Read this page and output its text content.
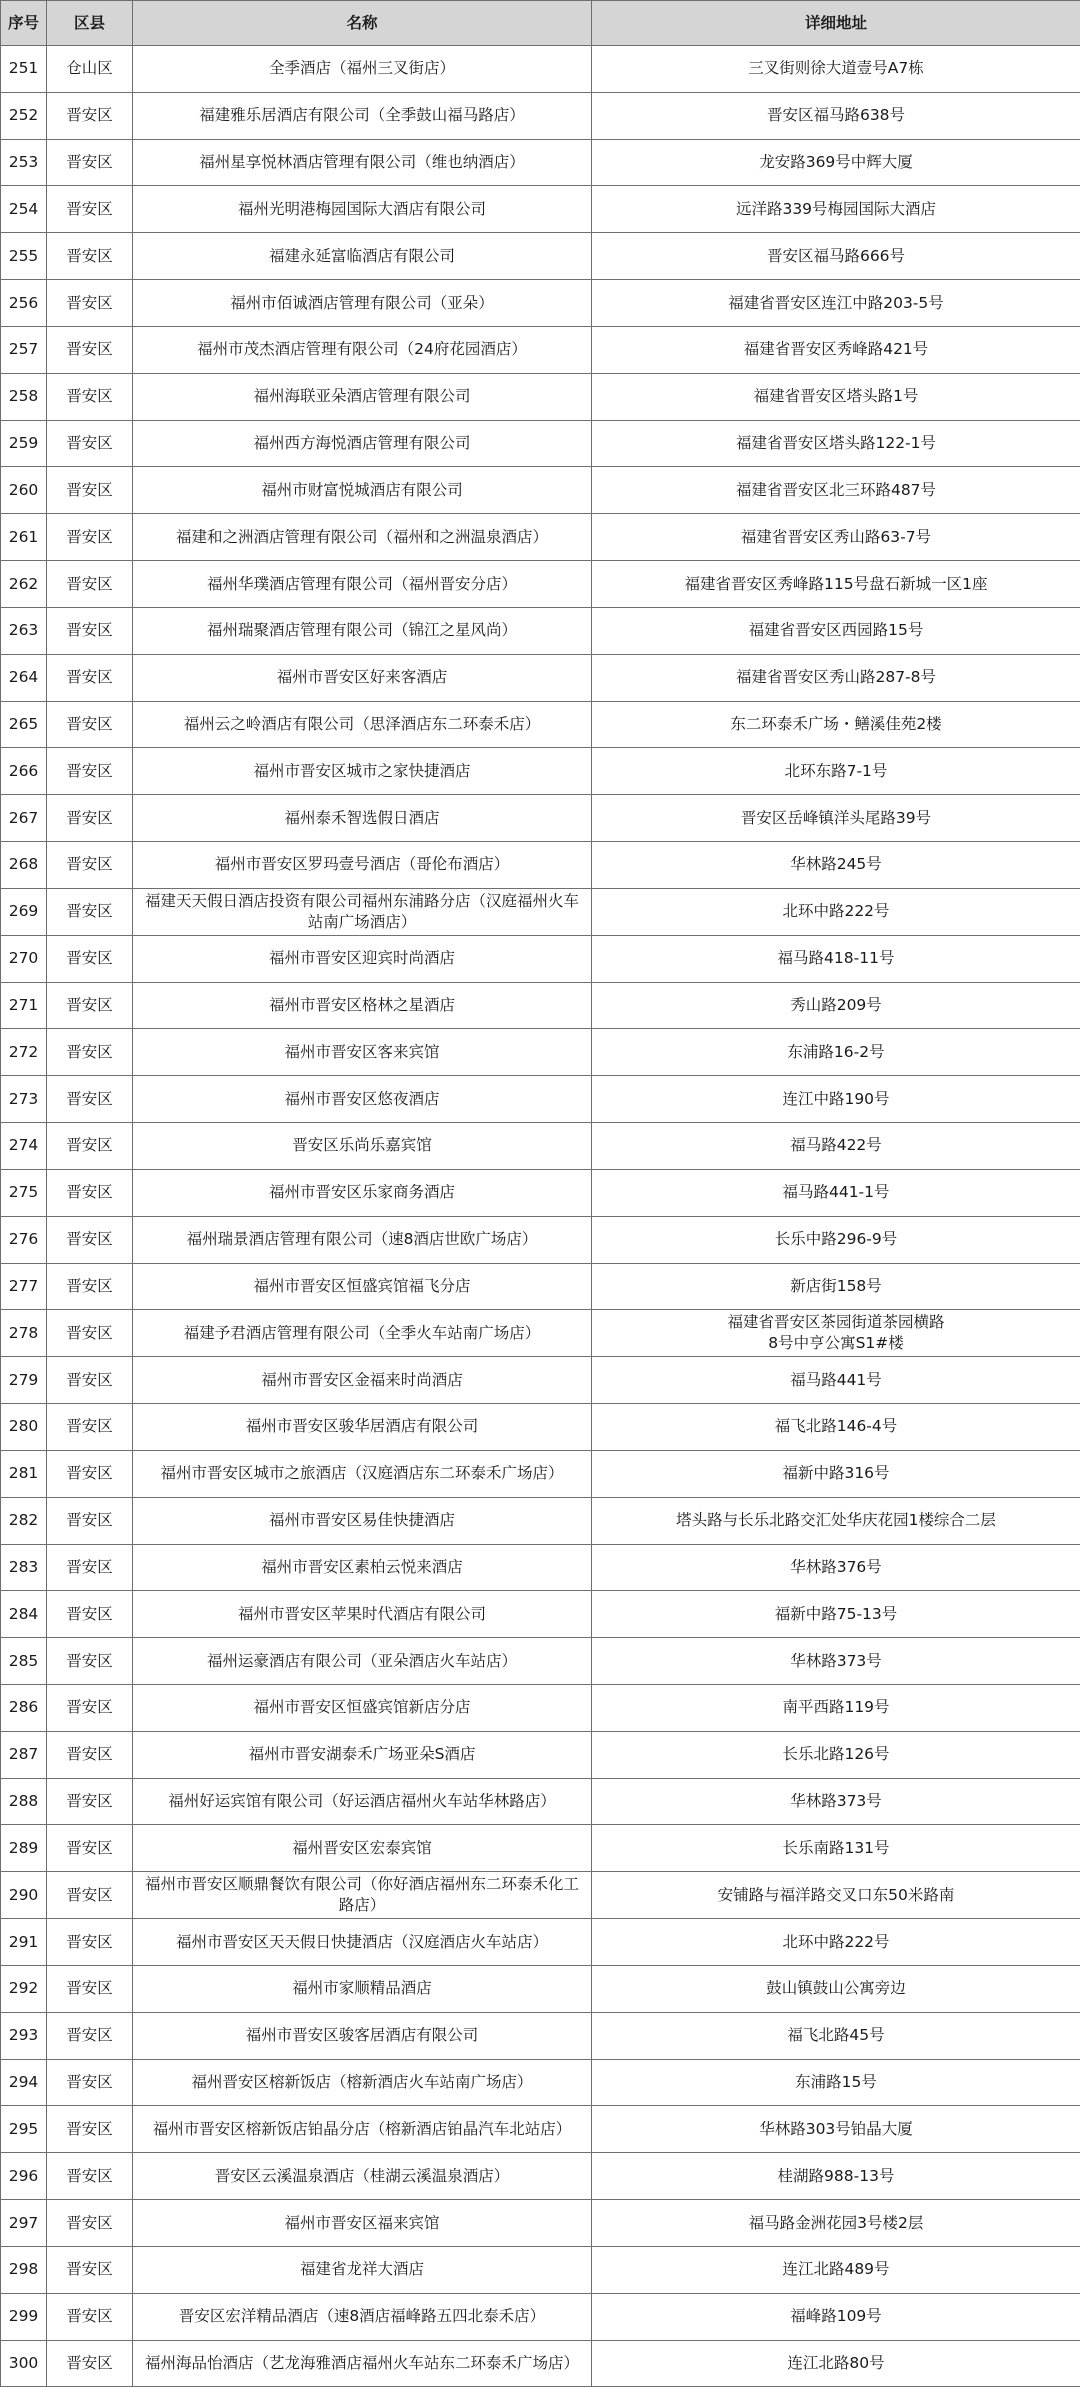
序号	区县	名称	详细地址
251	仓山区	全季酒店（福州三叉街店）	三叉街则徐大道壹号A7栋
252	晋安区	福建雅乐居酒店有限公司（全季鼓山福马路店）	晋安区福马路638号
253	晋安区	福州星享悦林酒店管理有限公司（维也纳酒店）	龙安路369号中辉大厦
254	晋安区	福州光明港梅园国际大酒店有限公司	远洋路339号梅园国际大酒店
255	晋安区	福建永延富临酒店有限公司	晋安区福马路666号
256	晋安区	福州市佰诚酒店管理有限公司（亚朵）	福建省晋安区连江中路203-5号
257	晋安区	福州市茂杰酒店管理有限公司（24府花园酒店）	福建省晋安区秀峰路421号
258	晋安区	福州海联亚朵酒店管理有限公司	福建省晋安区塔头路1号
259	晋安区	福州西方海悦酒店管理有限公司	福建省晋安区塔头路122-1号
260	晋安区	福州市财富悦城酒店有限公司	福建省晋安区北三环路487号
261	晋安区	福建和之洲酒店管理有限公司（福州和之洲温泉酒店）	福建省晋安区秀山路63-7号
262	晋安区	福州华璞酒店管理有限公司（福州晋安分店）	福建省晋安区秀峰路115号盘石新城一区1座
263	晋安区	福州瑞聚酒店管理有限公司（锦江之星风尚）	福建省晋安区西园路15号
264	晋安区	福州市晋安区好来客酒店	福建省晋安区秀山路287-8号
265	晋安区	福州云之岭酒店有限公司（思泽酒店东二环泰禾店）	东二环泰禾广场・鳝溪佳苑2楼
266	晋安区	福州市晋安区城市之家快捷酒店	北环东路7-1号
267	晋安区	福州泰禾智选假日酒店	晋安区岳峰镇洋头尾路39号
268	晋安区	福州市晋安区罗玛壹号酒店（哥伦布酒店）	华林路245号
269	晋安区	福建天天假日酒店投资有限公司福州东浦路分店（汉庭福州火车站南广场酒店）	北环中路222号
270	晋安区	福州市晋安区迎宾时尚酒店	福马路418-11号
271	晋安区	福州市晋安区格林之星酒店	秀山路209号
272	晋安区	福州市晋安区客来宾馆	东浦路16-2号
273	晋安区	福州市晋安区悠夜酒店	连江中路190号
274	晋安区	晋安区乐尚乐嘉宾馆	福马路422号
275	晋安区	福州市晋安区乐家商务酒店	福马路441-1号
276	晋安区	福州瑞景酒店管理有限公司（速8酒店世欧广场店）	长乐中路296-9号
277	晋安区	福州市晋安区恒盛宾馆福飞分店	新店街158号
278	晋安区	福建予君酒店管理有限公司（全季火车站南广场店）	福建省晋安区茶园街道茶园横路
8号中亨公寓S1#楼
279	晋安区	福州市晋安区金福来时尚酒店	福马路441号
280	晋安区	福州市晋安区骏华居酒店有限公司	福飞北路146-4号
281	晋安区	福州市晋安区城市之旅酒店（汉庭酒店东二环泰禾广场店）	福新中路316号
282	晋安区	福州市晋安区易佳快捷酒店	塔头路与长乐北路交汇处华庆花园1楼综合二层
283	晋安区	福州市晋安区素柏云悦来酒店	华林路376号
284	晋安区	福州市晋安区苹果时代酒店有限公司	福新中路75-13号
285	晋安区	福州运豪酒店有限公司（亚朵酒店火车站店）	华林路373号
286	晋安区	福州市晋安区恒盛宾馆新店分店	南平西路119号
287	晋安区	福州市晋安湖泰禾广场亚朵S酒店	长乐北路126号
288	晋安区	福州好运宾馆有限公司（好运酒店福州火车站华林路店）	华林路373号
289	晋安区	福州晋安区宏泰宾馆	长乐南路131号
290	晋安区	福州市晋安区顺鼎餐饮有限公司（你好酒店福州东二环泰禾化工路店）	安铺路与福洋路交叉口东50米路南
291	晋安区	福州市晋安区天天假日快捷酒店（汉庭酒店火车站店）	北环中路222号
292	晋安区	福州市家顺精品酒店	鼓山镇鼓山公寓旁边
293	晋安区	福州市晋安区骏客居酒店有限公司	福飞北路45号
294	晋安区	福州晋安区榕新饭店（榕新酒店火车站南广场店）	东浦路15号
295	晋安区	福州市晋安区榕新饭店铂晶分店（榕新酒店铂晶汽车北站店）	华林路303号铂晶大厦
296	晋安区	晋安区云溪温泉酒店（桂湖云溪温泉酒店）	桂湖路988-13号
297	晋安区	福州市晋安区福来宾馆	福马路金洲花园3号楼2层
298	晋安区	福建省龙祥大酒店	连江北路489号
299	晋安区	晋安区宏洋精品酒店（速8酒店福峰路五四北泰禾店）	福峰路109号
300	晋安区	福州海品怡酒店（艺龙海雅酒店福州火车站东二环泰禾广场店）	连江北路80号
